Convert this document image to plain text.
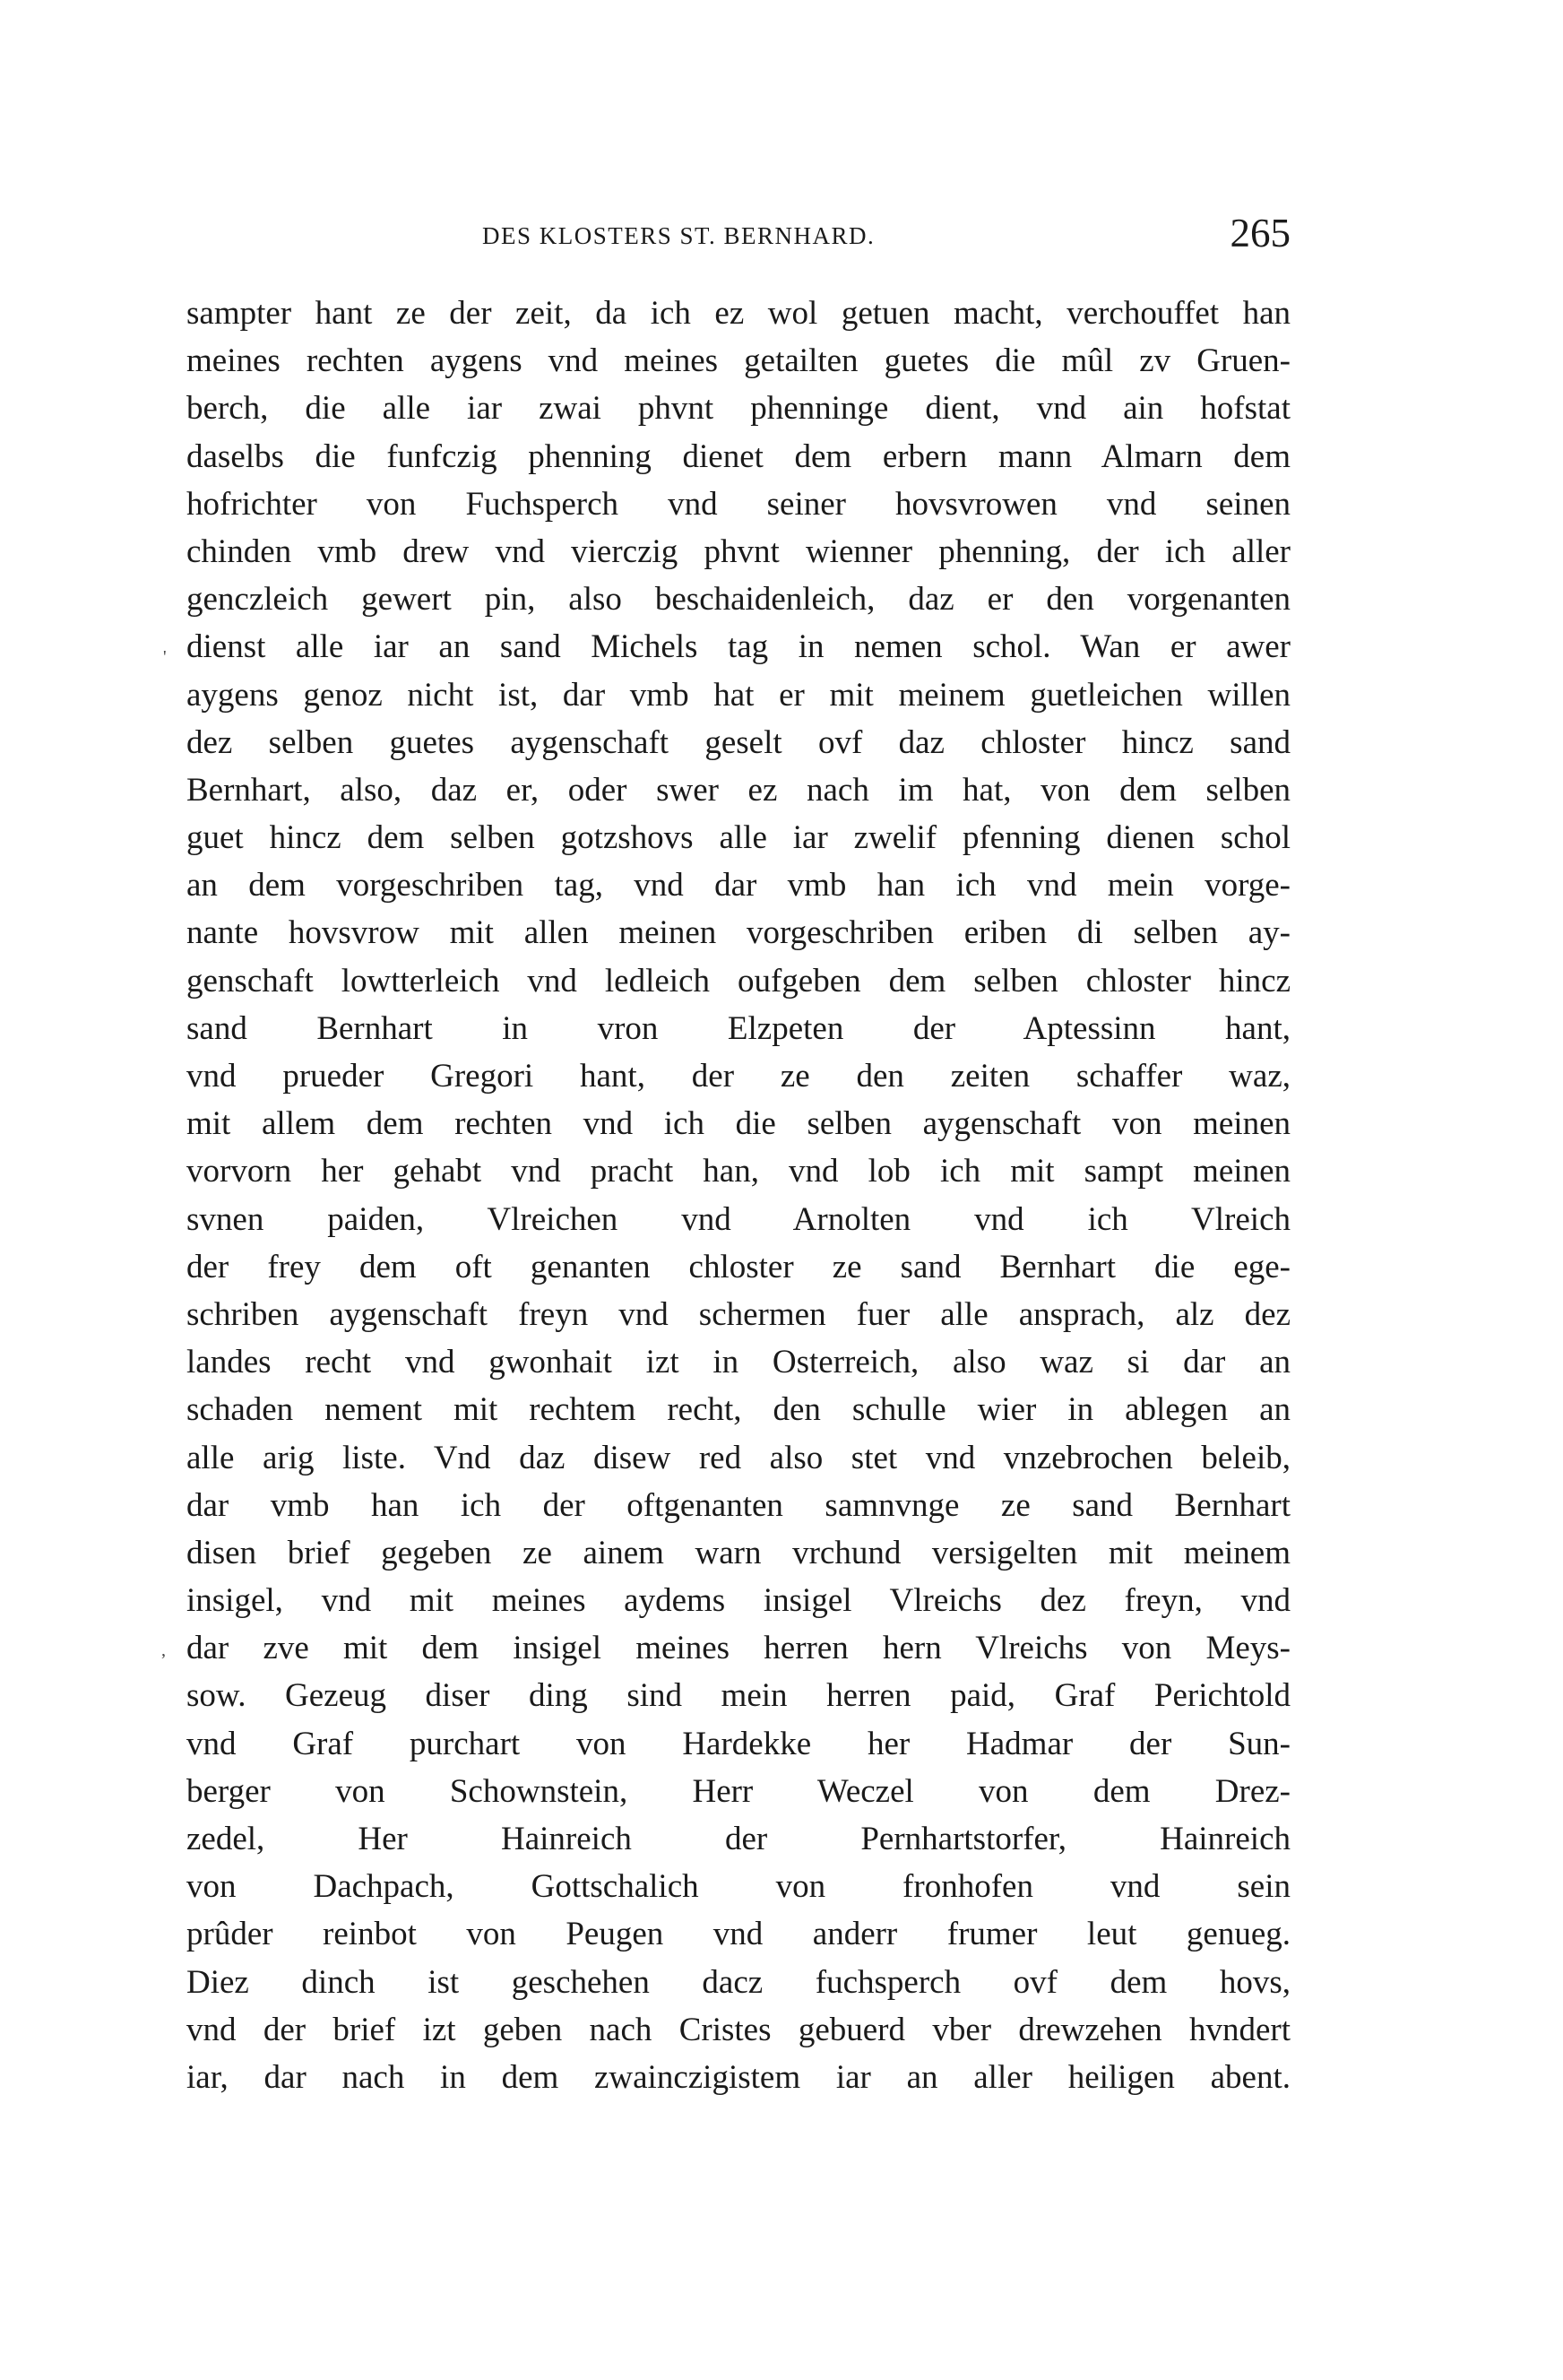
DES KLOSTERS ST. BERNHARD.	265
'
,
sampter hant ze der zeit, da ich ez wol getuen macht, verchouffet han
meines rechten aygens vnd meines getailten guetes die mûl zv Gruen-
berch, die alle iar zwai phvnt phenninge dient, vnd ain hofstat
daselbs die funfczig phenning dienet dem erbern mann Almarn dem
hofrichter von Fuchsperch vnd seiner hovsvrowen vnd seinen
chinden vmb drew vnd vierczig phvnt wienner phenning, der ich aller
genczleich gewert pin, also beschaidenleich, daz er den vorgenanten
dienst alle iar an sand Michels tag in nemen schol. Wan er awer
aygens genoz nicht ist, dar vmb hat er mit meinem guetleichen willen
dez selben guetes aygenschaft geselt ovf daz chloster hincz sand
Bernhart, also, daz er, oder swer ez nach im hat, von dem selben
guet hincz dem selben gotzshovs alle iar zwelif pfenning dienen schol
an dem vorgeschriben tag, vnd dar vmb han ich vnd mein vorge-
nante hovsvrow mit allen meinen vorgeschriben eriben di selben ay-
genschaft lowtterleich vnd ledleich oufgeben dem selben chloster hincz
sand Bernhart in vron Elzpeten der Aptessinn hant,
vnd prueder Gregori hant, der ze den zeiten schaffer waz,
mit allem dem rechten vnd ich die selben aygenschaft von meinen
vorvorn her gehabt vnd pracht han, vnd lob ich mit sampt meinen
svnen paiden, Vlreichen vnd Arnolten vnd ich Vlreich
der frey dem oft genanten chloster ze sand Bernhart die ege-
schriben aygenschaft freyn vnd schermen fuer alle ansprach, alz dez
landes recht vnd gwonhait izt in Osterreich, also waz si dar an
schaden nement mit rechtem recht, den schulle wier in ablegen an
alle arig liste. Vnd daz disew red also stet vnd vnzebrochen beleib,
dar vmb han ich der oftgenanten samnvnge ze sand Bernhart
disen brief gegeben ze ainem warn vrchund versigelten mit meinem
insigel, vnd mit meines aydems insigel Vlreichs dez freyn, vnd
dar zve mit dem insigel meines herren hern Vlreichs von Meys-
sow. Gezeug diser ding sind mein herren paid, Graf Perichtold
vnd Graf purchart von Hardekke her Hadmar der Sun-
berger von Schownstein, Herr Weczel von dem Drez-
zedel, Her Hainreich der Pernhartstorfer, Hainreich
von Dachpach, Gottschalich von fronhofen vnd sein
prûder reinbot von Peugen vnd anderr frumer leut genueg.
Diez dinch ist geschehen dacz fuchsperch ovf dem hovs,
vnd der brief izt geben nach Cristes gebuerd vber drewzehen hvndert
iar, dar nach in dem zwainczigistem iar an aller heiligen abent.
